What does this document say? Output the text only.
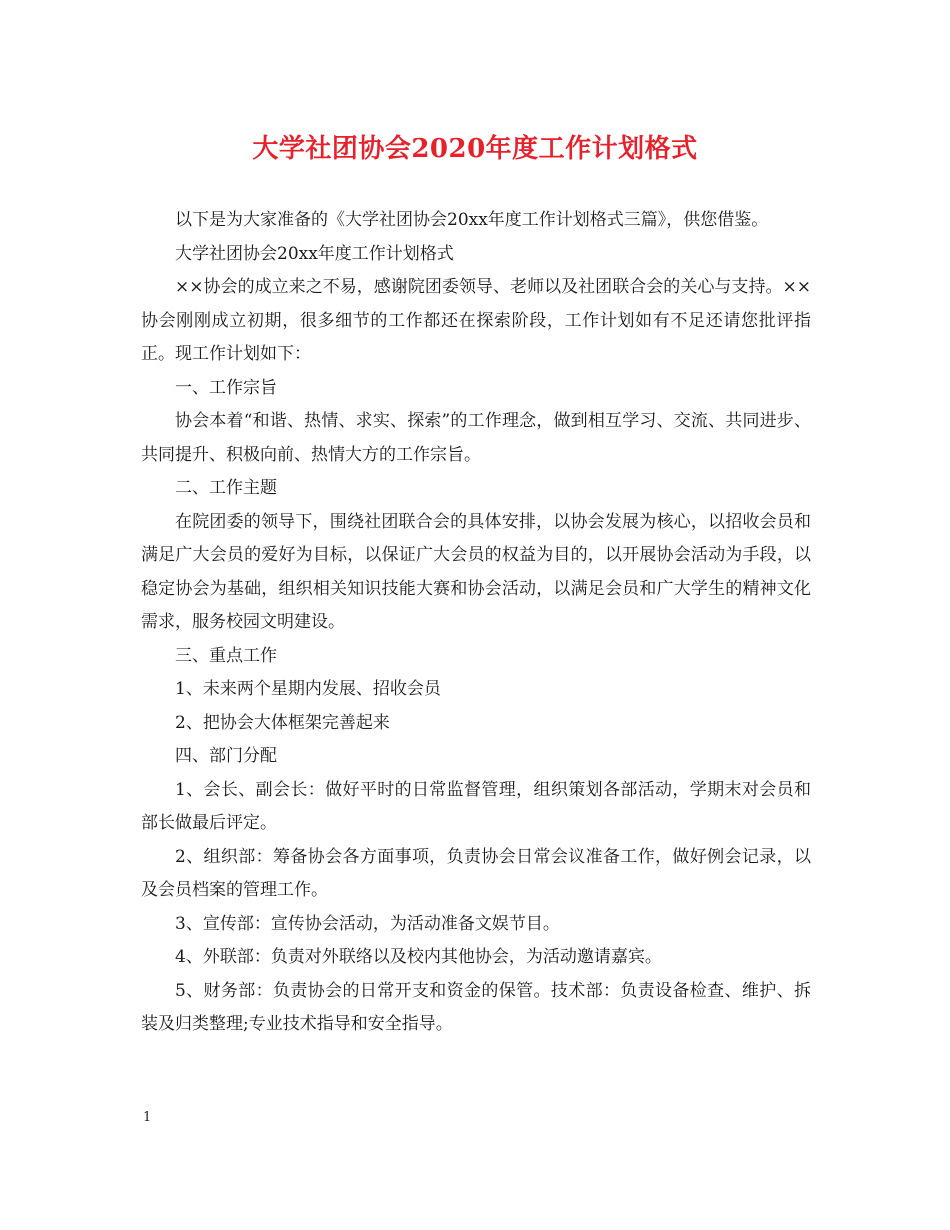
大学社团协会2020年度工作计划格式

以下是为大家准备的《大学社团协会20xx年度工作计划格式三篇》，供您借鉴。

大学社团协会20xx年度工作计划格式

××协会的成立来之不易，感谢院团委领导、老师以及社团联合会的关心与支持。××协会刚刚成立初期，很多细节的工作都还在探索阶段，工作计划如有不足还请您批评指正。现工作计划如下：

一、工作宗旨

协会本着“和谐、热情、求实、探索”的工作理念，做到相互学习、交流、共同进步、共同提升、积极向前、热情大方的工作宗旨。

二、工作主题

在院团委的领导下，围绕社团联合会的具体安排，以协会发展为核心，以招收会员和满足广大会员的爱好为目标，以保证广大会员的权益为目的，以开展协会活动为手段，以稳定协会为基础，组织相关知识技能大赛和协会活动，以满足会员和广大学生的精神文化需求，服务校园文明建设。

三、重点工作

1、未来两个星期内发展、招收会员

2、把协会大体框架完善起来

四、部门分配

1、会长、副会长：做好平时的日常监督管理，组织策划各部活动，学期末对会员和部长做最后评定。

2、组织部：筹备协会各方面事项，负责协会日常会议准备工作，做好例会记录，以及会员档案的管理工作。

3、宣传部：宣传协会活动，为活动准备文娱节目。

4、外联部：负责对外联络以及校内其他协会，为活动邀请嘉宾。

5、财务部：负责协会的日常开支和资金的保管。技术部：负责设备检查、维护、拆装及归类整理;专业技术指导和安全指导。

1
